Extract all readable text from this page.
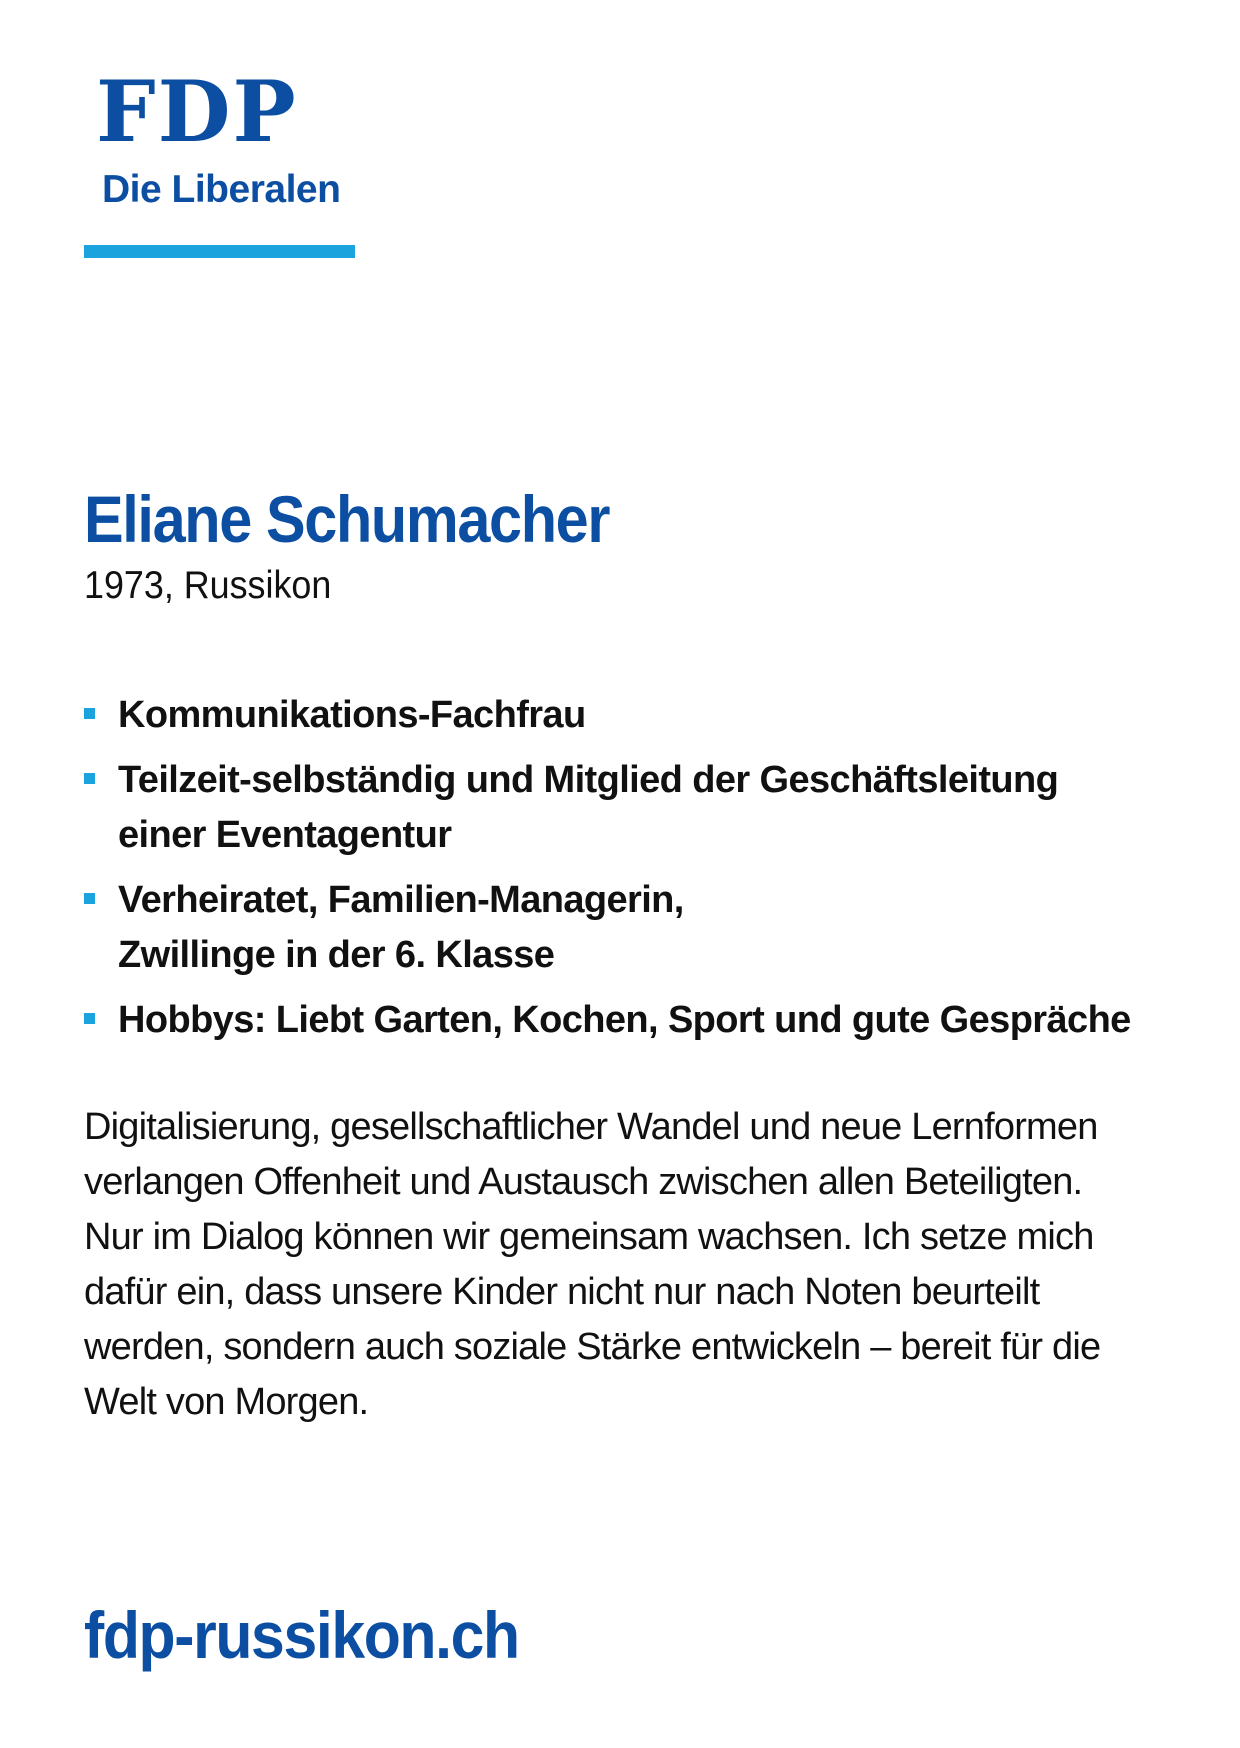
FDP
Die Liberalen
Eliane Schumacher
1973, Russikon
Kommunikations-Fachfrau
Teilzeit-selbständig und Mitglied der Geschäftsleitung
einer Eventagentur
Verheiratet, Familien-Managerin,
Zwillinge in der 6. Klasse
Hobbys: Liebt Garten, Kochen, Sport und gute Gespräche

Digitalisierung, gesellschaftlicher Wandel und neue Lernformen
verlangen Offenheit und Austausch zwischen allen Beteiligten.
Nur im Dialog können wir gemeinsam wachsen. Ich setze mich
dafür ein, dass unsere Kinder nicht nur nach Noten beurteilt
werden, sondern auch soziale Stärke entwickeln – bereit für die
Welt von Morgen.

fdp-russikon.ch
